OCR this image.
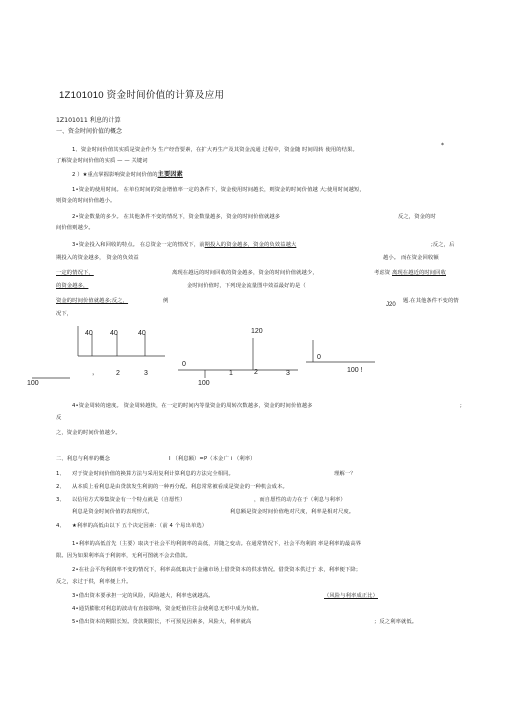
1Z101010 资金时间价值的计算及应用
1Z101011 利息的计算
一、资金时间价值的概念
1、资金时间价值其实质是资金作为 生产经营要素，在扩大再生产及其资金流通 过程中，资金随 时间周转 使用的结果。
*
了解资金时间价值的实质 — — 关键词
2 ）★重点掌握影响资金时间价值的主要因素
1•资金的使用时间。 在单位时间的资金增值率一定的条件下，资金使用时间越长，则资金的时间价值越 大;使用时间越短，
则资金的时间价值越小。
2•资金数量的多少。 在其他条件不变的情况下，资金数量越多，资金的时间价值就越多	反之，资金的时
间价值则越少。
3•资金投入和回收的特点。 在总资金一定的情况下，前期投入的资金越多，资金的负效益越大	;反之，后
期投入的资金越多， 资金的负效益	越小。 而在资金回收额
一定的情况下，	离现在越远的时间回收的资金越多，资金的时间价值就越少，	考虑资 离现在越近的时间回收
的资金越多，	金时间价值时，下列现金流量图中效益最好的是（
资金的时间价值就越多;反之，	例
J20
题.在其他条件不变的情
况下，
40 40	40	120
0
0
， 2	3	1	2	3
100	100
100 !
4•资金周转的速度。 资金周转越快，在一定的时间内等量资金的周转次数越多，资金的时间价值越多	;
反
之，资金的时间价值越少。
二、利息与利率的概念	I （利息额）=P（本金广 i （利率）
1、 对于资金时间价值的换算方法与采用复利计算利息的方法完全相同。	理解一？
2、 从本质上看利息是由贷款发生利润的一种再分配。利息常常被看成是资金的一种机会成本。
3、 以信用方式筹集资金有一个特点就是（自愿性）	，而自愿性的动力在于（利息与利率）
利息是资金时间价值的表现形式，	利息额是资金时间价值绝对尺度，利率是相对尺度。
4、 ★利率的高低由以下 五个决定因素：（前 4 个易出单选）
1•利率的高低首先（主要）取决于社会平均利润率的高低，并随之变动。在通常情况下，社会平均利润 率是利率的最高界
限。因为如果利率高于利润率，无利可图就不会去借款。
2•在社会平均利润率不变的情况下，利率高低取决于金融市场上借贷资本的供求情况。借贷资本供过于 求，利率便下降；
反之，求过于供，利率便上升。
3•借出资本要承担一定的风险，风险越大，利率也就越高。	（风险与利率成正比）
4•通货膨胀对利息的波动有直接影响，资金贬值往往会使利息无形中成为负值。
5•借出资本的期限长短。贷款期限长，不可预见因素多，风险大，利率就高	；反之利率就低。
